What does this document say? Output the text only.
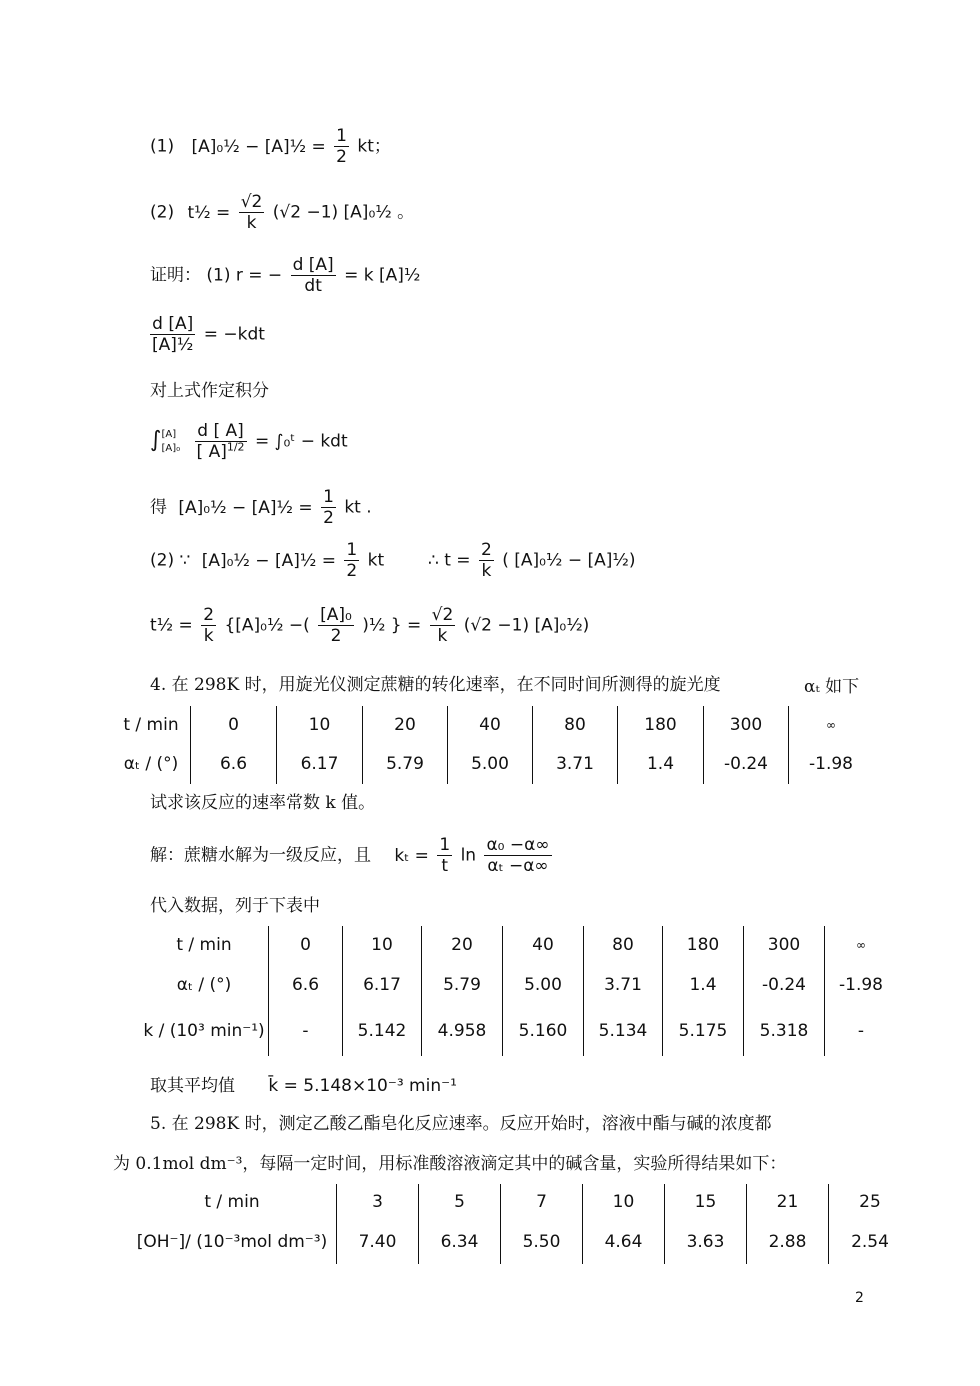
(1) [A]₀½ − [A]½ = $\frac{1}{2}$ kt；
(2) t½ = $\frac{√2}{k} (√2 -1)$ [A]₀½ 。
证明： (1) r = − $\frac{d [A]}{dt} = k$ [A]½
$\frac{d [A]}{\text{[A]½}} = -kdt$
对上式作定积分
∫ [A]
[A]₀
$\frac{d [ A]}{[ A]^{1/2}}$ = ∫₀ᵗ − kdt
得 [A]₀½ − [A]½ = $\frac{1}{2}$ kt .
(2) ∵ [A]₀½ − [A]½ = $\frac{1}{2}$ kt	∴ $t = \frac{2}{k}$ ( [A]₀½ − [A]½)
t½ = $\frac{2}{k}$ {[A]₀½ −( $\frac{\text{[A]₀}}{2}$ )½ } = $\frac{√2}{k} (√2 -1)$ [A]₀½)
4. 在 298K 时，用旋光仪测定蔗糖的转化速率，在不同时间所测得的旋光度	αₜ 如下
t / min	0	10	20	40	80	180	300	∞
αₜ / (°)	6.6	6.17	5.79	5.00	3.71	1.4	-0.24	-1.98
试求该反应的速率常数 k 值。
解：蔗糖水解为一级反应，且 $k_t = \frac{1}{t}$ $\ln \frac{\text{α₀ −α∞}}{\text{αₜ −α∞}}$
代入数据，列于下表中
t / min	0	10	20	40	80	180	300	∞
αₜ / (°)	6.6	6.17	5.79	5.00	3.71	1.4	-0.24	-1.98
k / (10³ min⁻¹)	-	5.142	4.958	5.160	5.134	5.175	5.318	-
取其平均值 k̄ = 5.148×10⁻³ min⁻¹
5. 在 298K 时，测定乙酸乙酯皂化反应速率。反应开始时，溶液中酯与碱的浓度都
为 0.1mol dm⁻³，每隔一定时间，用标准酸溶液滴定其中的碱含量，实验所得结果如下：
t / min	3	5	7	10	15	21	25
[OH⁻]/ (10⁻³mol dm⁻³)	7.40	6.34	5.50	4.64	3.63	2.88	2.54
2
